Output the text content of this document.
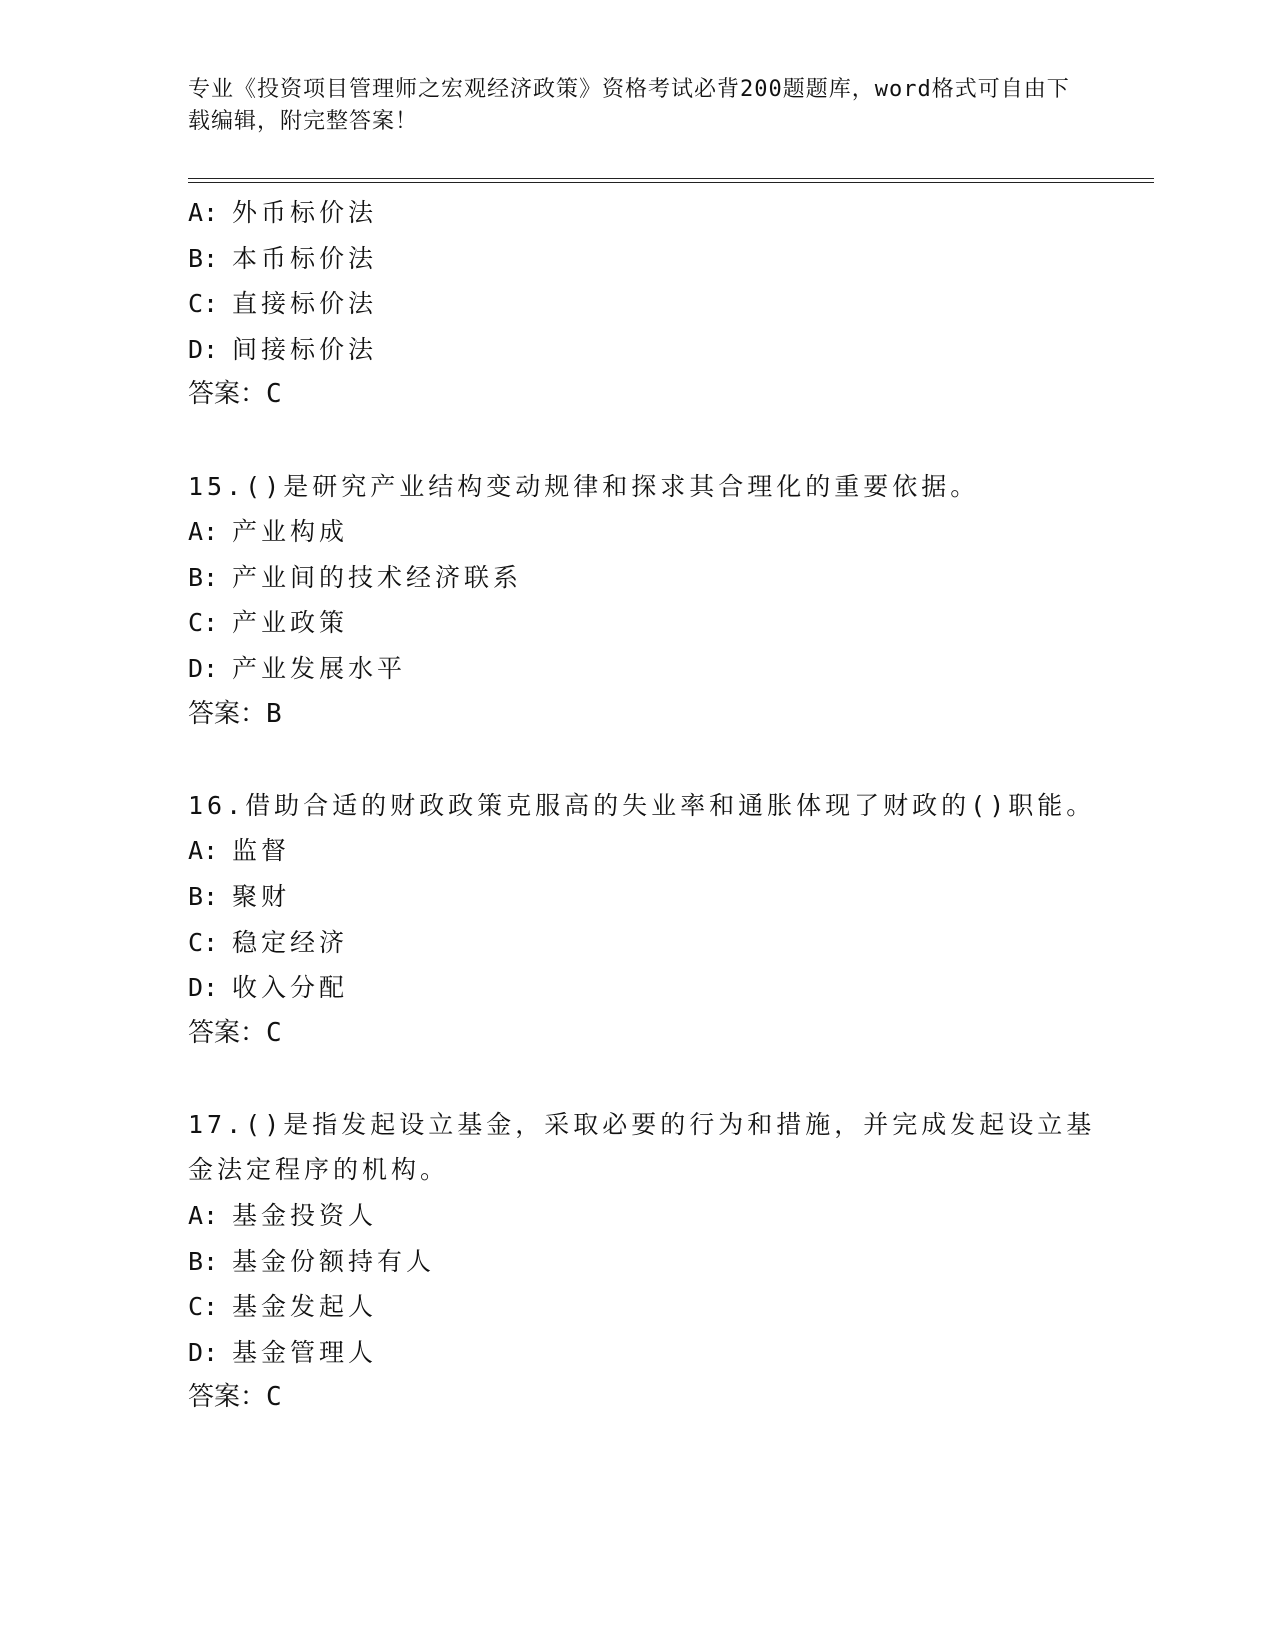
专业《投资项目管理师之宏观经济政策》资格考试必背200题题库，word格式可自由下载编辑，附完整答案！
A: 外币标价法
B: 本币标价法
C: 直接标价法
D: 间接标价法
答案：C
15.()是研究产业结构变动规律和探求其合理化的重要依据。
A: 产业构成
B: 产业间的技术经济联系
C: 产业政策
D: 产业发展水平
答案：B
16.借助合适的财政政策克服高的失业率和通胀体现了财政的()职能。
A: 监督
B: 聚财
C: 稳定经济
D: 收入分配
答案：C
17.()是指发起设立基金，采取必要的行为和措施，并完成发起设立基
金法定程序的机构。
A: 基金投资人
B: 基金份额持有人
C: 基金发起人
D: 基金管理人
答案：C
